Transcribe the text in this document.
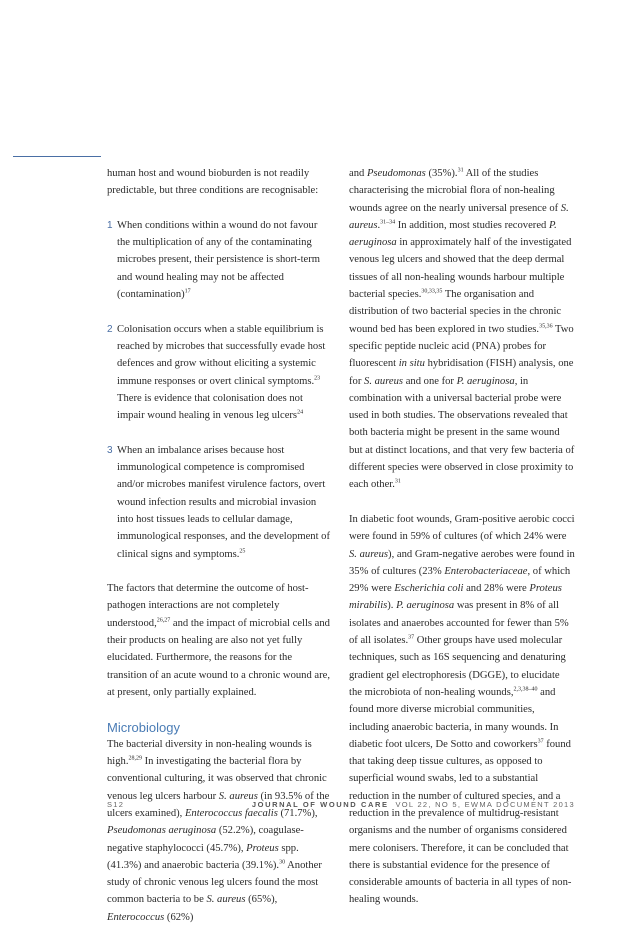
human host and wound bioburden is not readily predictable, but three conditions are recognisable:

1 When conditions within a wound do not favour the multiplication of any of the contaminating microbes present, their persistence is short-term and wound healing may not be affected (contamination)$^{17}$
2 Colonisation occurs when a stable equilibrium is reached by microbes that successfully evade host defences and grow without eliciting a systemic immune responses or overt clinical symptoms.$^{23}$ There is evidence that colonisation does not impair wound healing in venous leg ulcers$^{24}$
3 When an imbalance arises because host immunological competence is compromised and/or microbes manifest virulence factors, overt wound infection results and microbial invasion into host tissues leads to cellular damage, immunological responses, and the development of clinical signs and symptoms.$^{25}$

The factors that determine the outcome of host-pathogen interactions are not completely understood,$^{26,27}$ and the impact of microbial cells and their products on healing are also not yet fully elucidated. Furthermore, the reasons for the transition of an acute wound to a chronic wound are, at present, only partially explained.

Microbiology

The bacterial diversity in non-healing wounds is high.$^{28,29}$ In investigating the bacterial flora by conventional culturing, it was observed that chronic venous leg ulcers harbour S. aureus (in 93.5% of the ulcers examined), Enterococcus faecalis (71.7%), Pseudomonas aeruginosa (52.2%), coagulase-negative staphylococci (45.7%), Proteus spp. (41.3%) and anaerobic bacteria (39.1%).$^{30}$ Another study of chronic venous leg ulcers found the most common bacteria to be S. aureus (65%), Enterococcus (62%)

and Pseudomonas (35%).$^{31}$ All of the studies characterising the microbial flora of non-healing wounds agree on the nearly universal presence of S. aureus.$^{31-34}$ In addition, most studies recovered P. aeruginosa in approximately half of the investigated venous leg ulcers and showed that the deep dermal tissues of all non-healing wounds harbour multiple bacterial species.$^{30,33,35}$ The organisation and distribution of two bacterial species in the chronic wound bed has been explored in two studies.$^{35,36}$ Two specific peptide nucleic acid (PNA) probes for fluorescent in situ hybridisation (FISH) analysis, one for S. aureus and one for P. aeruginosa, in combination with a universal bacterial probe were used in both studies. The observations revealed that both bacteria might be present in the same wound but at distinct locations, and that very few bacteria of different species were observed in close proximity to each other.$^{31}$

In diabetic foot wounds, Gram-positive aerobic cocci were found in 59% of cultures (of which 24% were S. aureus), and Gram-negative aerobes were found in 35% of cultures (23% Enterobacteriaceae, of which 29% were Escherichia coli and 28% were Proteus mirabilis). P. aeruginosa was present in 8% of all isolates and anaerobes accounted for fewer than 5% of all isolates.$^{37}$ Other groups have used molecular techniques, such as 16S sequencing and denaturing gradient gel electrophoresis (DGGE), to elucidate the microbiota of non-healing wounds,$^{2,3,38-40}$ and found more diverse microbial communities, including anaerobic bacteria, in many wounds. In diabetic foot ulcers, De Sotto and coworkers$^{37}$ found that taking deep tissue cultures, as opposed to superficial wound swabs, led to a substantial reduction in the number of cultured species, and a reduction in the prevalence of multidrug-resistant organisms and the number of organisms considered mere colonisers. Therefore, it can be concluded that there is substantial evidence for the presence of considerable amounts of bacteria in all types of non-healing wounds.

S12	JOURNAL OF WOUND CARE VOL 22, NO 5, EWMA DOCUMENT 2013
